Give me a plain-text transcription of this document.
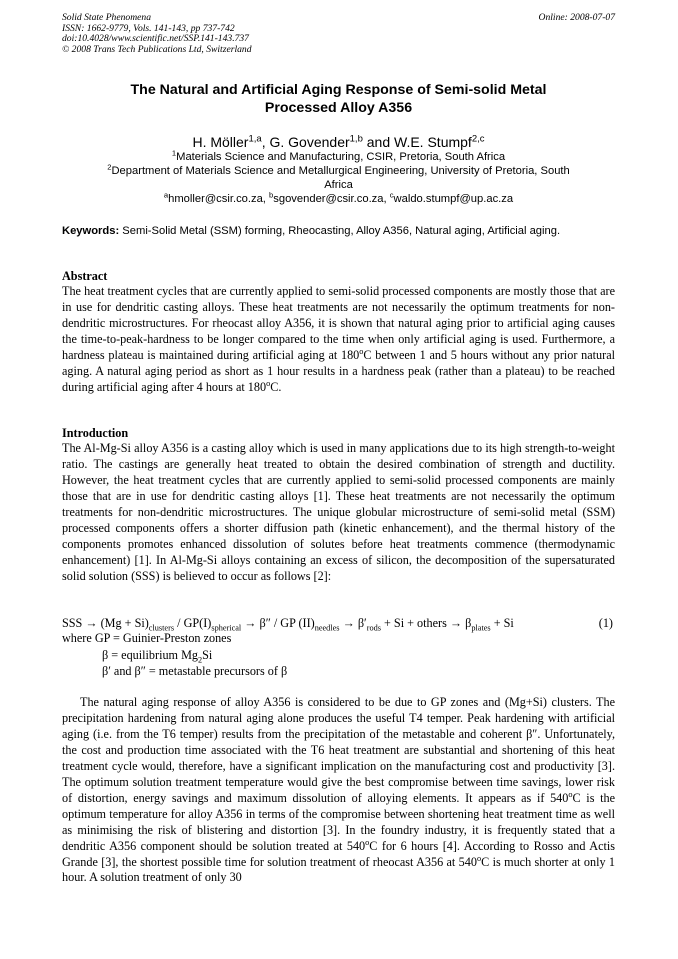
Solid State Phenomena
ISSN: 1662-9779, Vols. 141-143, pp 737-742
doi:10.4028/www.scientific.net/SSP.141-143.737
© 2008 Trans Tech Publications Ltd, Switzerland
Online: 2008-07-07
The Natural and Artificial Aging Response of Semi-solid Metal
Processed Alloy A356
H. Möller$^{1,a}$, G. Govender$^{1,b}$ and W.E. Stumpf$^{2,c}$
$^1$Materials Science and Manufacturing, CSIR, Pretoria, South Africa
$^2$Department of Materials Science and Metallurgical Engineering, University of Pretoria, South
Africa
$^a$hmoller@csir.co.za, $^b$sgovender@csir.co.za, $^c$waldo.stumpf@up.ac.za
Keywords: Semi-Solid Metal (SSM) forming, Rheocasting, Alloy A356, Natural aging, Artificial aging.
Abstract
The heat treatment cycles that are currently applied to semi-solid processed components are mostly those that are in use for dendritic casting alloys. These heat treatments are not necessarily the optimum treatments for non-dendritic microstructures. For rheocast alloy A356, it is shown that natural aging prior to artificial aging causes the time-to-peak-hardness to be longer compared to the time when only artificial aging is used. Furthermore, a hardness plateau is maintained during artificial aging at 180$^o$C between 1 and 5 hours without any prior natural aging. A natural aging period as short as 1 hour results in a hardness peak (rather than a plateau) to be reached during artificial aging after 4 hours at 180$^o$C.
Introduction
The Al-Mg-Si alloy A356 is a casting alloy which is used in many applications due to its high strength-to-weight ratio. The castings are generally heat treated to obtain the desired combination of strength and ductility. However, the heat treatment cycles that are currently applied to semi-solid processed components are mainly those that are in use for dendritic casting alloys [1]. These heat treatments are not necessarily the optimum treatments for non-dendritic microstructures. The unique globular microstructure of semi-solid metal (SSM) processed components offers a shorter diffusion path (kinetic enhancement), and the thermal history of the components promotes enhanced dissolution of solutes before heat treatments commence (thermodynamic enhancement) [1]. In Al-Mg-Si alloys containing an excess of silicon, the decomposition of the supersaturated solid solution (SSS) is believed to occur as follows [2]:
SSS → $(Mg + Si)_{clusters} / GP(I)_{spherical} \to \beta''$ / GP $(II)_{needles} \to \beta'_{rods} + Si$ + others → $\beta_{plates} + Si$	(1)
where GP = Guinier-Preston zones
β = equilibrium $Mg_2Si$
β′ and β″ = metastable precursors of β
The natural aging response of alloy A356 is considered to be due to GP zones and (Mg+Si) clusters. The precipitation hardening from natural aging alone produces the useful T4 temper. Peak hardening with artificial aging (i.e. from the T6 temper) results from the precipitation of the metastable and coherent β″. Unfortunately, the cost and production time associated with the T6 heat treatment are substantial and shortening of this heat treatment cycle would, therefore, have a significant implication on the manufacturing cost and productivity [3]. The optimum solution treatment temperature would give the best compromise between time savings, lower risk of distortion, energy savings and maximum dissolution of alloying elements. It appears as if 540$^o$C is the optimum temperature for alloy A356 in terms of the compromise between shortening heat treatment time as well as minimising the risk of blistering and distortion [3]. In the foundry industry, it is frequently stated that a dendritic A356 component should be solution treated at 540$^o$C for 6 hours [4]. According to Rosso and Actis Grande [3], the shortest possible time for solution treatment of rheocast A356 at 540$^o$C is much shorter at only 1 hour. A solution treatment of only 30
